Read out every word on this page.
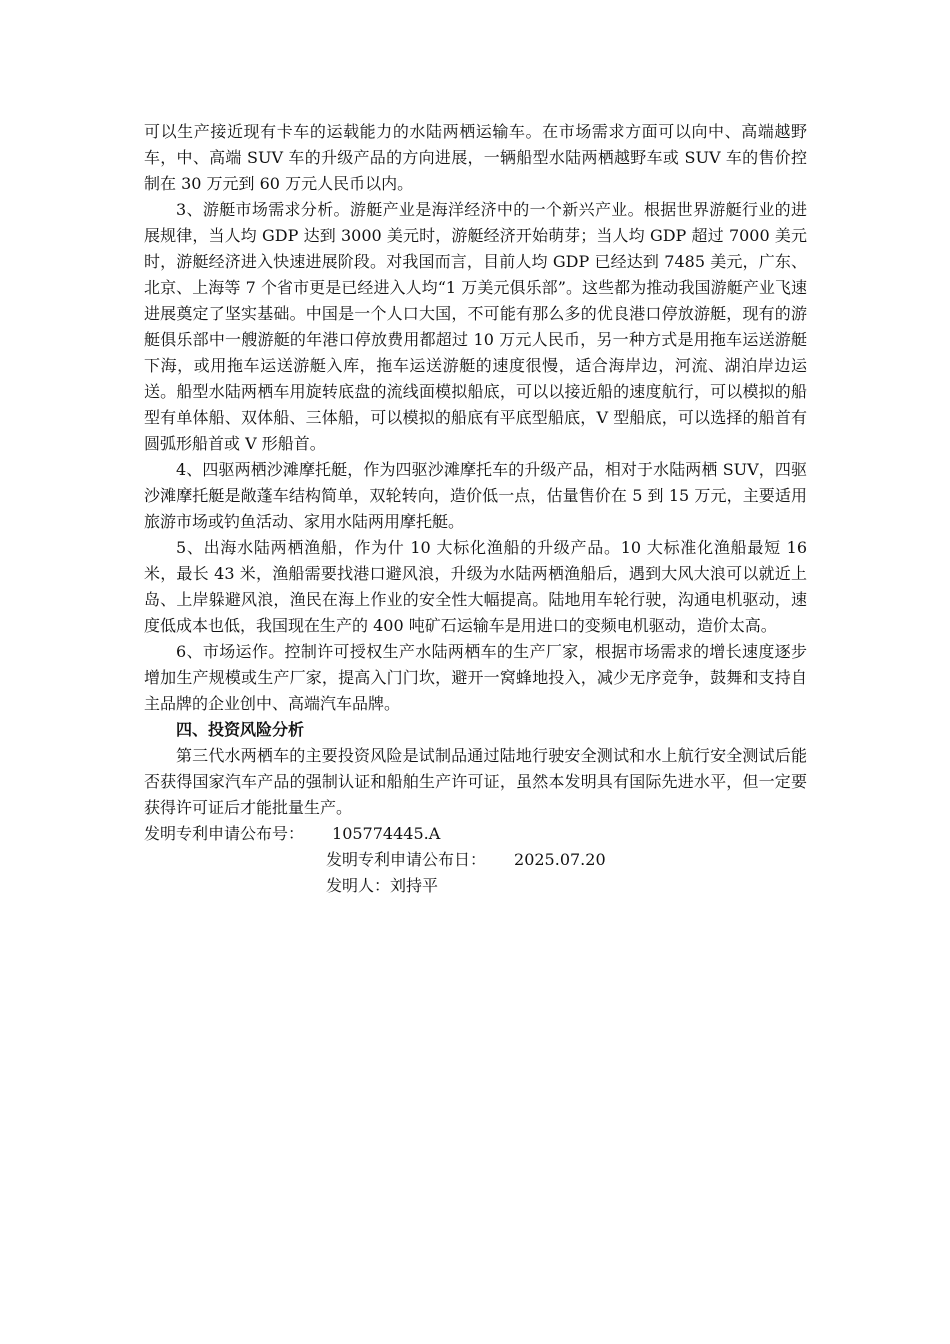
可以生产接近现有卡车的运载能力的水陆两栖运输车。在市场需求方面可以向中、高端越野车，中、高端 SUV 车的升级产品的方向进展，一辆船型水陆两栖越野车或 SUV 车的售价控制在 30 万元到 60 万元人民币以内。

3、游艇市场需求分析。游艇产业是海洋经济中的一个新兴产业。根据世界游艇行业的进展规律，当人均 GDP 达到 3000 美元时，游艇经济开始萌芽；当人均 GDP 超过 7000 美元时，游艇经济进入快速进展阶段。对我国而言，目前人均 GDP 已经达到 7485 美元，广东、北京、上海等 7 个省市更是已经进入人均“1 万美元俱乐部”。这些都为推动我国游艇产业飞速进展奠定了坚实基础。中国是一个人口大国，不可能有那么多的优良港口停放游艇，现有的游艇俱乐部中一艘游艇的年港口停放费用都超过 10 万元人民币，另一种方式是用拖车运送游艇下海，或用拖车运送游艇入库，拖车运送游艇的速度很慢，适合海岸边，河流、湖泊岸边运送。船型水陆两栖车用旋转底盘的流线面模拟船底，可以以接近船的速度航行，可以模拟的船型有单体船、双体船、三体船，可以模拟的船底有平底型船底，V 型船底，可以选择的船首有圆弧形船首或 V 形船首。

4、四驱两栖沙滩摩托艇，作为四驱沙滩摩托车的升级产品，相对于水陆两栖 SUV，四驱沙滩摩托艇是敞蓬车结构简单，双轮转向，造价低一点，估量售价在 5 到 15 万元，主要适用旅游市场或钓鱼活动、家用水陆两用摩托艇。

5、出海水陆两栖渔船，作为什 10 大标化渔船的升级产品。10 大标准化渔船最短 16 米，最长 43 米，渔船需要找港口避风浪，升级为水陆两栖渔船后，遇到大风大浪可以就近上岛、上岸躲避风浪，渔民在海上作业的安全性大幅提高。陆地用车轮行驶，沟通电机驱动，速度低成本也低，我国现在生产的 400 吨矿石运输车是用进口的变频电机驱动，造价太高。

6、市场运作。控制许可授权生产水陆两栖车的生产厂家，根据市场需求的增长速度逐步增加生产规模或生产厂家，提高入门门坎，避开一窝蜂地投入，减少无序竞争，鼓舞和支持自主品牌的企业创中、高端汽车品牌。

四、投资风险分析

第三代水两栖车的主要投资风险是试制品通过陆地行驶安全测试和水上航行安全测试后能否获得国家汽车产品的强制认证和船舶生产许可证，虽然本发明具有国际先进水平，但一定要获得许可证后才能批量生产。

发明专利申请公布号： 105774445.A

发明专利申请公布日： 2025.07.20

发明人：刘持平
